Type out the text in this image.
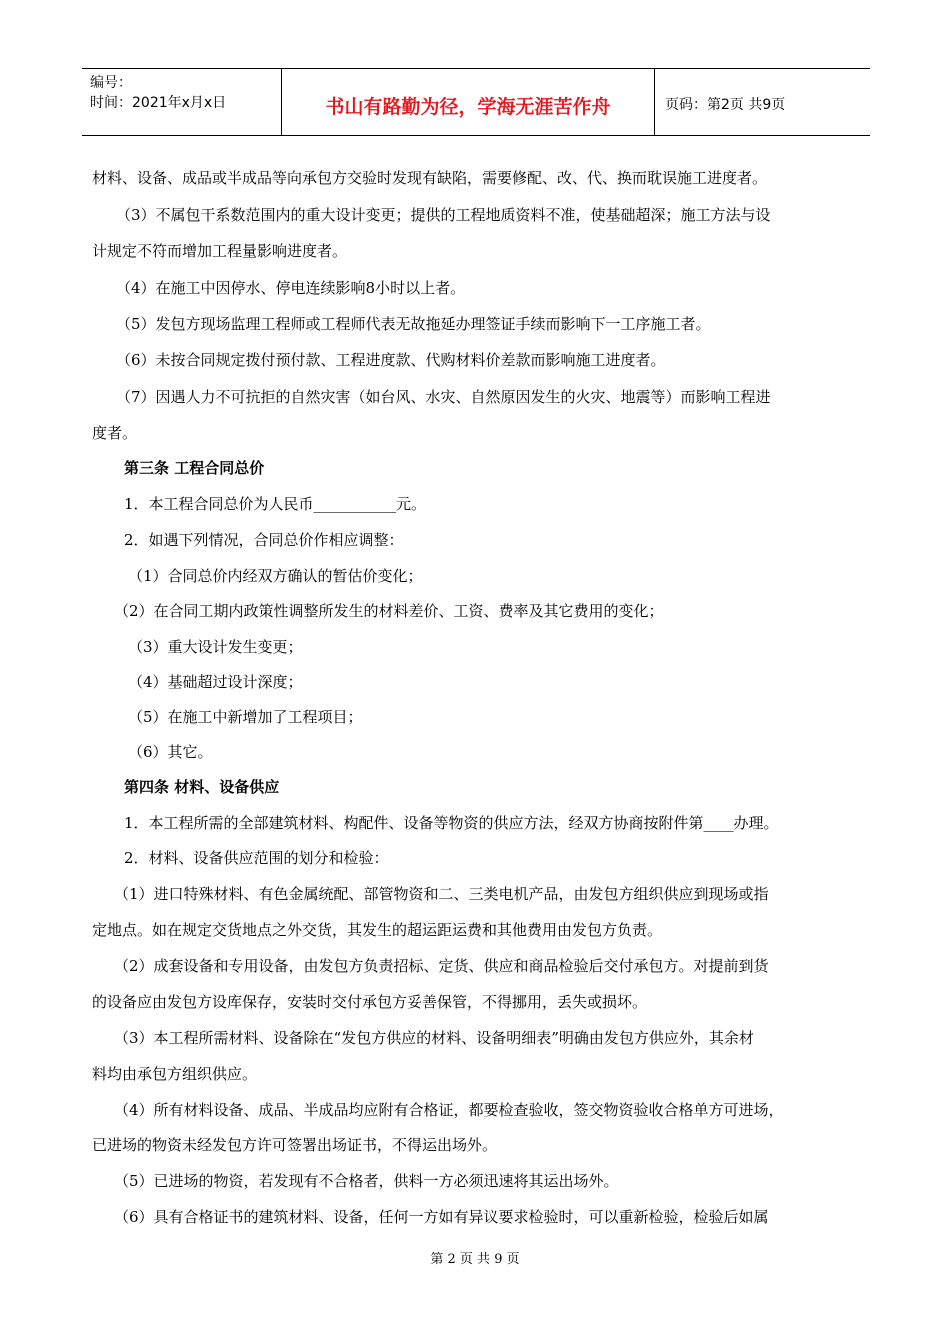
编号：
时间：2021年x月x日	书山有路勤为径，学海无涯苦作舟	页码：第2页 共9页
材料、设备、成品或半成品等向承包方交验时发现有缺陷，需要修配、改、代、换而耽误施工进度者。
（3）不属包干系数范围内的重大设计变更；提供的工程地质资料不准，使基础超深；施工方法与设
计规定不符而增加工程量影响进度者。
（4）在施工中因停水、停电连续影响8小时以上者。
（5）发包方现场监理工程师或工程师代表无故拖延办理签证手续而影响下一工序施工者。
（6）未按合同规定拨付预付款、工程进度款、代购材料价差款而影响施工进度者。
（7）因遇人力不可抗拒的自然灾害（如台风、水灾、自然原因发生的火灾、地震等）而影响工程进
度者。
第三条 工程合同总价
1．本工程合同总价为人民币___________元。
2．如遇下列情况，合同总价作相应调整：
（1）合同总价内经双方确认的暂估价变化；
（2）在合同工期内政策性调整所发生的材料差价、工资、费率及其它费用的变化；
（3）重大设计发生变更；
（4）基础超过设计深度；
（5）在施工中新增加了工程项目；
（6）其它。
第四条 材料、设备供应
1．本工程所需的全部建筑材料、构配件、设备等物资的供应方法，经双方协商按附件第____办理。
2．材料、设备供应范围的划分和检验：
（1）进口特殊材料、有色金属统配、部管物资和二、三类电机产品，由发包方组织供应到现场或指
定地点。如在规定交货地点之外交货，其发生的超运距运费和其他费用由发包方负责。
（2）成套设备和专用设备，由发包方负责招标、定货、供应和商品检验后交付承包方。对提前到货
的设备应由发包方设库保存，安装时交付承包方妥善保管，不得挪用，丢失或损坏。
（3）本工程所需材料、设备除在“发包方供应的材料、设备明细表”明确由发包方供应外，其余材
料均由承包方组织供应。
（4）所有材料设备、成品、半成品均应附有合格证，都要检查验收，签交物资验收合格单方可进场，
已进场的物资未经发包方许可签署出场证书，不得运出场外。
（5）已进场的物资，若发现有不合格者，供料一方必须迅速将其运出场外。
（6）具有合格证书的建筑材料、设备，任何一方如有异议要求检验时，可以重新检验，检验后如属
第 2 页 共 9 页
